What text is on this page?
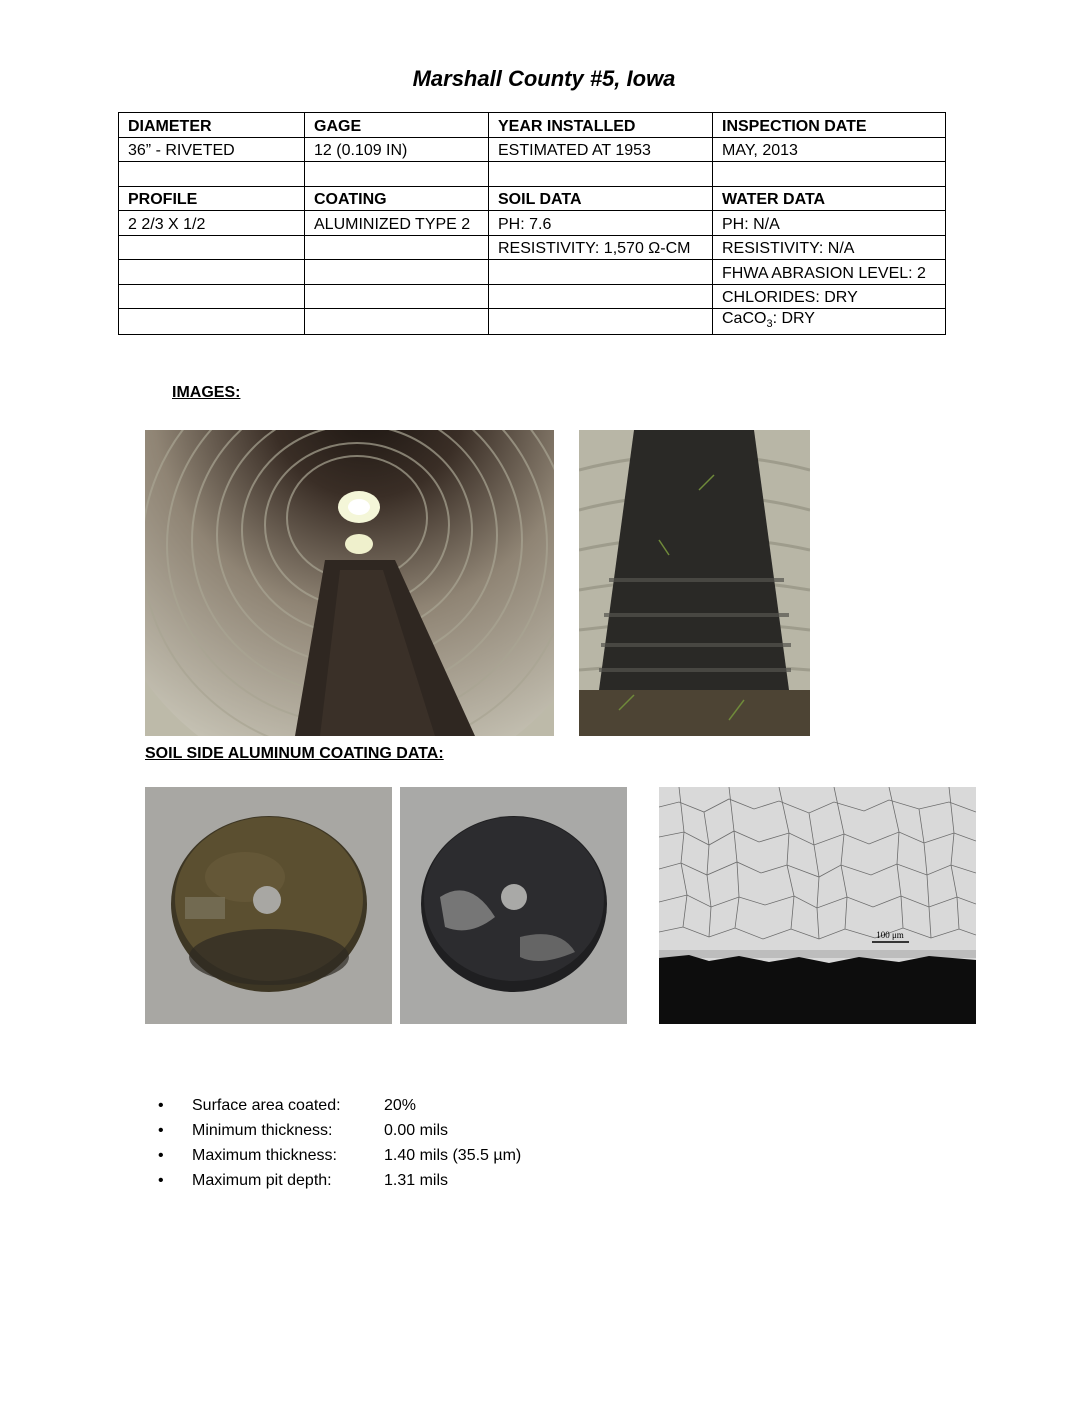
Marshall County #5, Iowa
DIAMETER	GAGE	YEAR INSTALLED	INSPECTION DATE
36” - RIVETED	12 (0.109 IN)	ESTIMATED AT 1953	MAY, 2013

PROFILE	COATING	SOIL DATA	WATER DATA
2 2/3 X 1/2	ALUMINIZED TYPE 2	PH: 7.6	PH: N/A
		RESISTIVITY: 1,570 Ω-CM	RESISTIVITY: N/A
			FHWA ABRASION LEVEL: 2
			CHLORIDES: DRY
			CaCO$_3$: DRY
IMAGES:
SOIL SIDE ALUMINUM COATING DATA:
100 μm
• Surface area coated:	20%
• Minimum thickness:	0.00 mils
• Maximum thickness:	1.40 mils (35.5 µm)
• Maximum pit depth:	1.31 mils
